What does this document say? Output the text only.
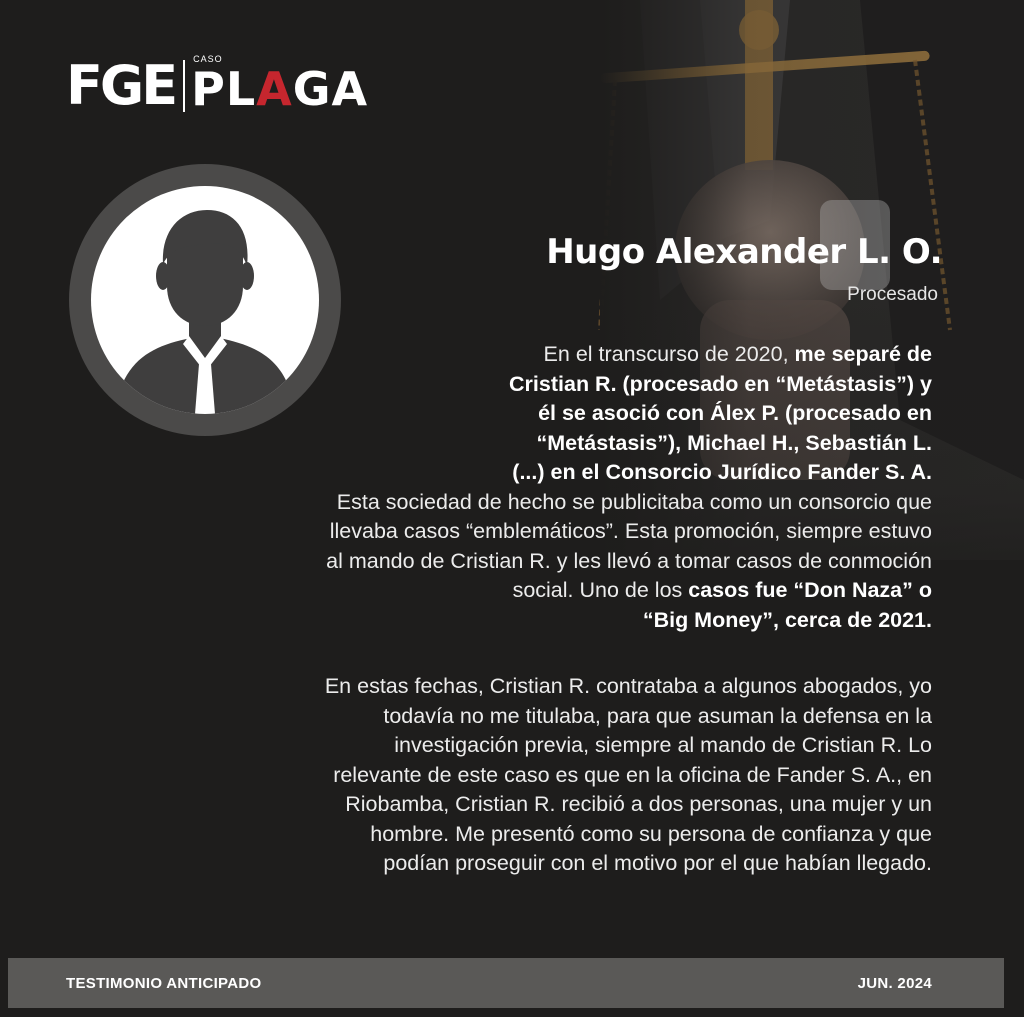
FGE CASO
PLAGA
Hugo Alexander L. O.
Procesado
En el transcurso de 2020, me separé de
Cristian R. (procesado en “Metástasis”) y
él se asoció con Álex P. (procesado en
“Metástasis”), Michael H., Sebastián L.
(...) en el Consorcio Jurídico Fander S. A.
Esta sociedad de hecho se publicitaba como un consorcio que
llevaba casos “emblemáticos”. Esta promoción, siempre estuvo
al mando de Cristian R. y les llevó a tomar casos de conmoción
social. Uno de los casos fue “Don Naza” o
“Big Money”, cerca de 2021.
En estas fechas, Cristian R. contrataba a algunos abogados, yo
todavía no me titulaba, para que asuman la defensa en la
investigación previa, siempre al mando de Cristian R. Lo
relevante de este caso es que en la oficina de Fander S. A., en
Riobamba, Cristian R. recibió a dos personas, una mujer y un
hombre. Me presentó como su persona de confianza y que
podían proseguir con el motivo por el que habían llegado.
TESTIMONIO ANTICIPADO	JUN. 2024
